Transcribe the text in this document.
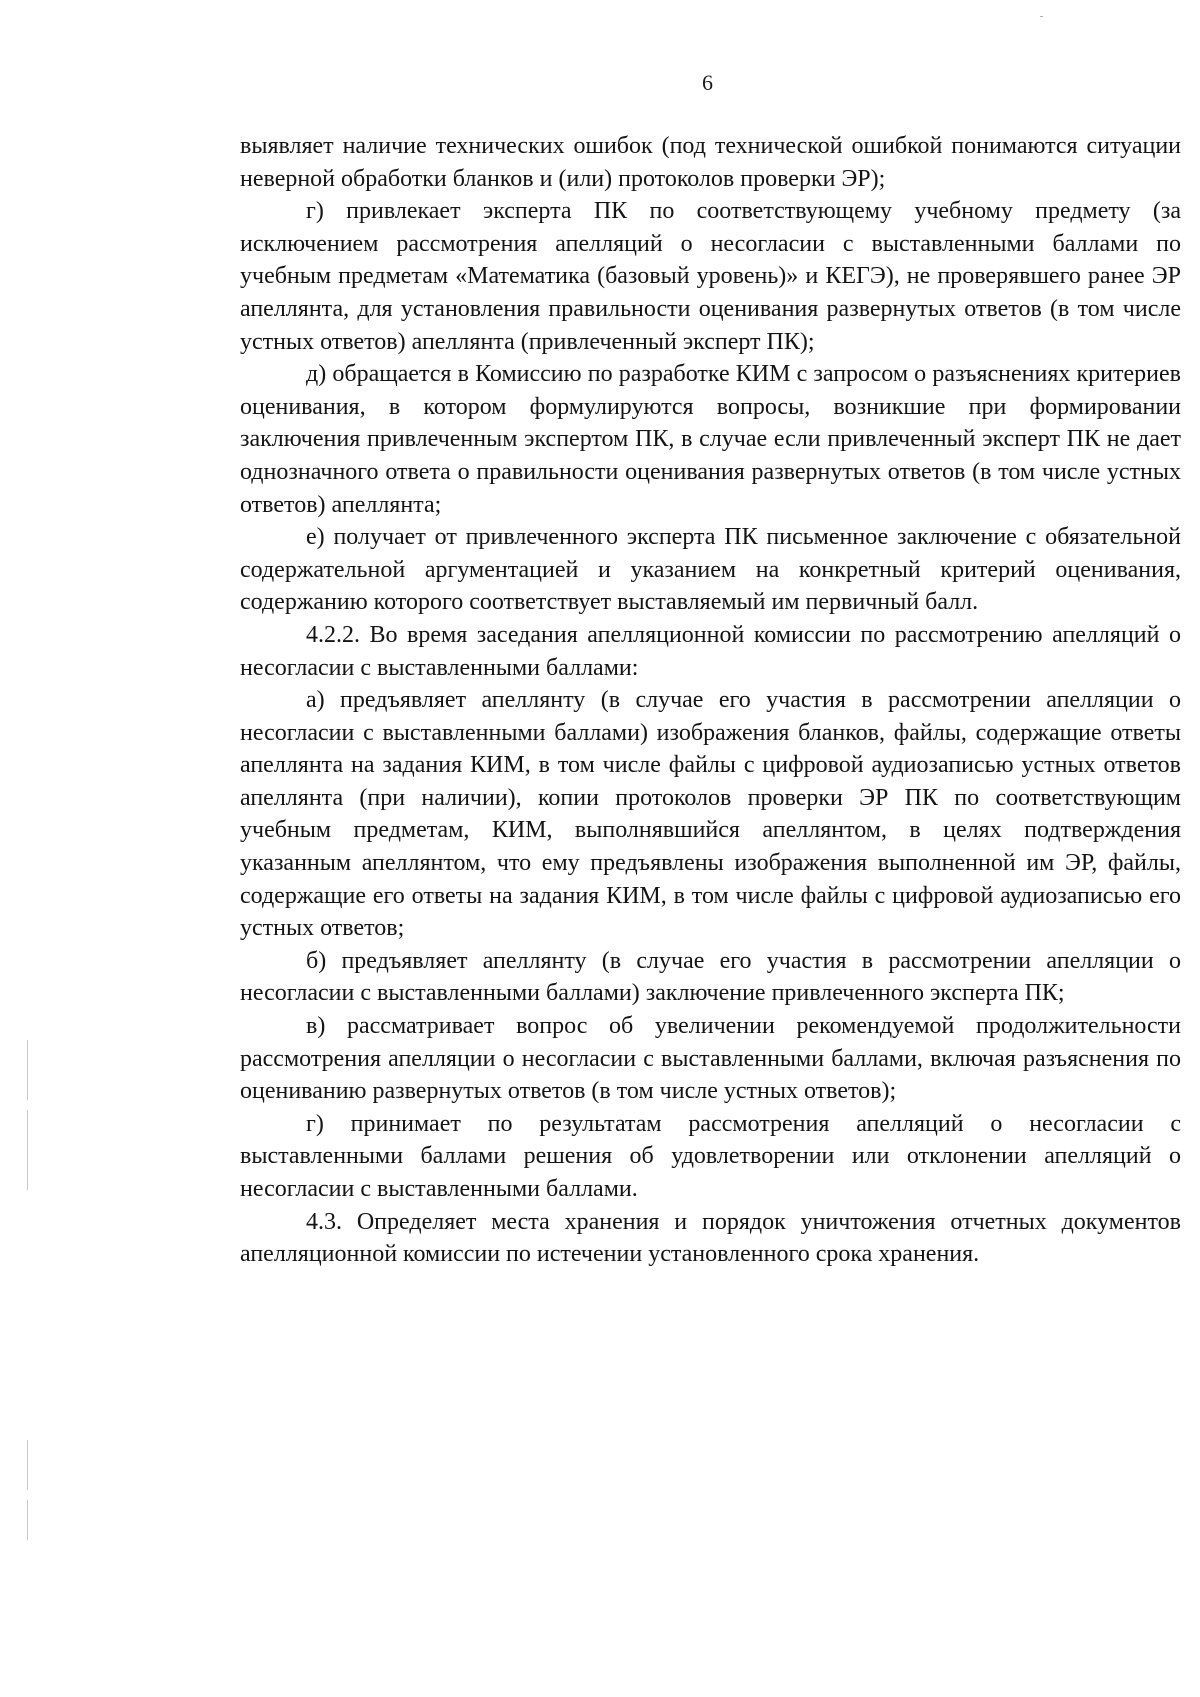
6

выявляет наличие технических ошибок (под технической ошибкой понимаются ситуации неверной обработки бланков и (или) протоколов проверки ЭР);

г) привлекает эксперта ПК по соответствующему учебному предмету (за исключением рассмотрения апелляций о несогласии с выставленными баллами по учебным предметам «Математика (базовый уровень)» и КЕГЭ), не проверявшего ранее ЭР апеллянта, для установления правильности оценивания развернутых ответов (в том числе устных ответов) апеллянта (привлеченный эксперт ПК);

д) обращается в Комиссию по разработке КИМ с запросом о разъяснениях критериев оценивания, в котором формулируются вопросы, возникшие при формировании заключения привлеченным экспертом ПК, в случае если привлеченный эксперт ПК не дает однозначного ответа о правильности оценивания развернутых ответов (в том числе устных ответов) апеллянта;

е) получает от привлеченного эксперта ПК письменное заключение с обязательной содержательной аргументацией и указанием на конкретный критерий оценивания, содержанию которого соответствует выставляемый им первичный балл.

4.2.2. Во время заседания апелляционной комиссии по рассмотрению апелляций о несогласии с выставленными баллами:

а) предъявляет апеллянту (в случае его участия в рассмотрении апелляции о несогласии с выставленными баллами) изображения бланков, файлы, содержащие ответы апеллянта на задания КИМ, в том числе файлы с цифровой аудиозаписью устных ответов апеллянта (при наличии), копии протоколов проверки ЭР ПК по соответствующим учебным предметам, КИМ, выполнявшийся апеллянтом, в целях подтверждения указанным апеллянтом, что ему предъявлены изображения выполненной им ЭР, файлы, содержащие его ответы на задания КИМ, в том числе файлы с цифровой аудиозаписью его устных ответов;

б) предъявляет апеллянту (в случае его участия в рассмотрении апелляции о несогласии с выставленными баллами) заключение привлеченного эксперта ПК;

в) рассматривает вопрос об увеличении рекомендуемой продолжительности рассмотрения апелляции о несогласии с выставленными баллами, включая разъяснения по оцениванию развернутых ответов (в том числе устных ответов);

г) принимает по результатам рассмотрения апелляций о несогласии с выставленными баллами решения об удовлетворении или отклонении апелляций о несогласии с выставленными баллами.

4.3. Определяет места хранения и порядок уничтожения отчетных документов апелляционной комиссии по истечении установленного срока хранения.
